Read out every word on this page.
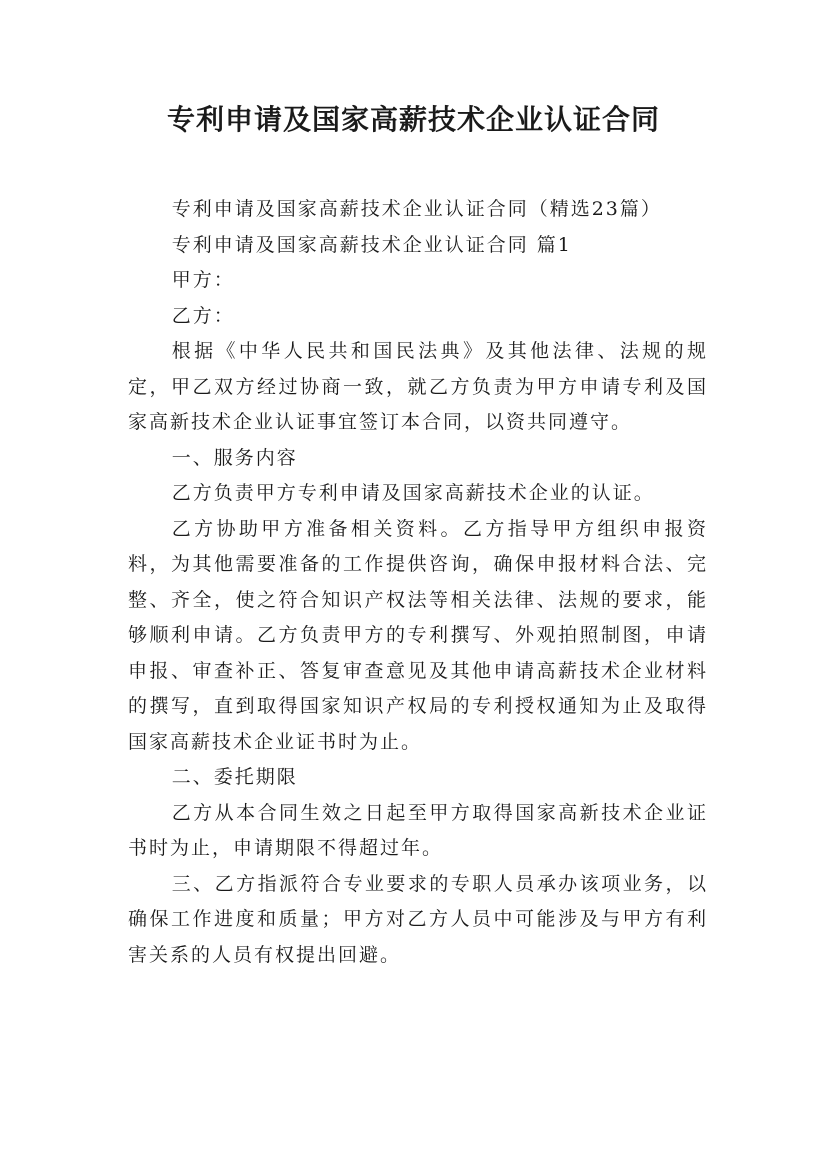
专利申请及国家高薪技术企业认证合同

专利申请及国家高薪技术企业认证合同（精选23篇）

专利申请及国家高薪技术企业认证合同 篇1

甲方：

乙方：

根据《中华人民共和国民法典》及其他法律、法规的规定，甲乙双方经过协商一致，就乙方负责为甲方申请专利及国家高新技术企业认证事宜签订本合同，以资共同遵守。

一、服务内容

乙方负责甲方专利申请及国家高薪技术企业的认证。

乙方协助甲方准备相关资料。乙方指导甲方组织申报资料，为其他需要准备的工作提供咨询，确保申报材料合法、完整、齐全，使之符合知识产权法等相关法律、法规的要求，能够顺利申请。乙方负责甲方的专利撰写、外观拍照制图，申请申报、审查补正、答复审查意见及其他申请高薪技术企业材料的撰写，直到取得国家知识产权局的专利授权通知为止及取得国家高薪技术企业证书时为止。

二、委托期限

乙方从本合同生效之日起至甲方取得国家高新技术企业证书时为止，申请期限不得超过年。

三、乙方指派符合专业要求的专职人员承办该项业务，以确保工作进度和质量；甲方对乙方人员中可能涉及与甲方有利害关系的人员有权提出回避。
